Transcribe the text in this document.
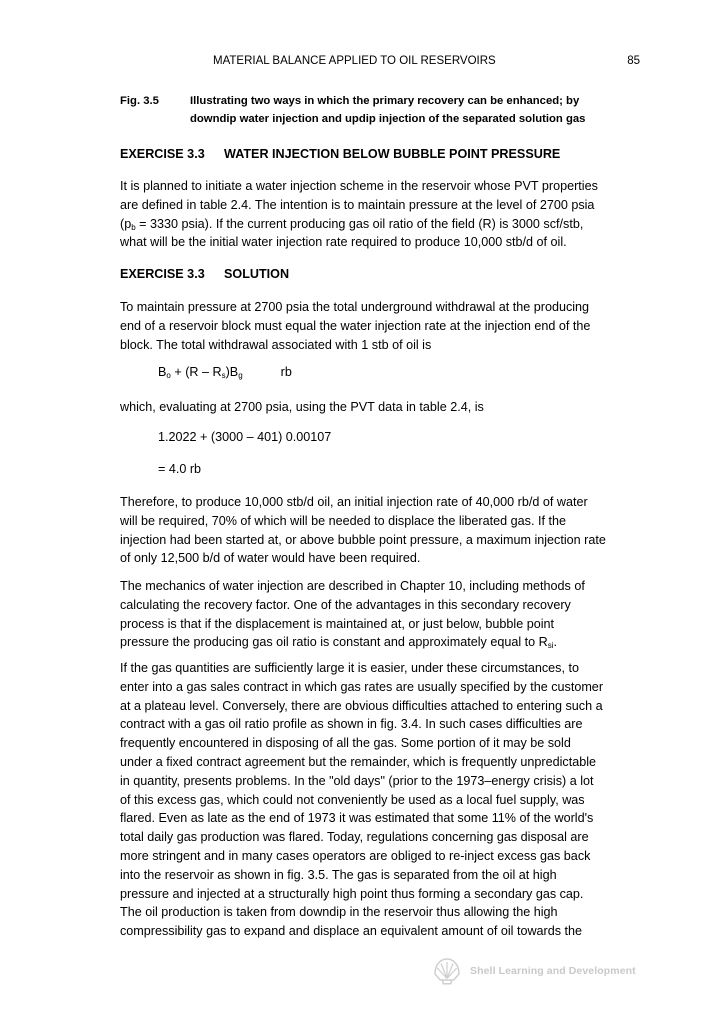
MATERIAL BALANCE APPLIED TO OIL RESERVOIRS	85
Fig. 3.5	Illustrating two ways in which the primary recovery can be enhanced; by
downdip water injection and updip injection of the separated solution gas
EXERCISE 3.3 WATER INJECTION BELOW BUBBLE POINT PRESSURE
It is planned to initiate a water injection scheme in the reservoir whose PVT properties
are defined in table 2.4. The intention is to maintain pressure at the level of 2700 psia
($p_b = 3330$ psia). If the current producing gas oil ratio of the field (R) is 3000 scf/stb,
what will be the initial water injection rate required to produce 10,000 stb/d of oil.
EXERCISE 3.3 SOLUTION
To maintain pressure at 2700 psia the total underground withdrawal at the producing
end of a reservoir block must equal the water injection rate at the injection end of the
block. The total withdrawal associated with 1 stb of oil is
$B_o + (R - R_s)B_g$	rb
which, evaluating at 2700 psia, using the PVT data in table 2.4, is
1.2022 + (3000 – 401) 0.00107
= 4.0 rb
Therefore, to produce 10,000 stb/d oil, an initial injection rate of 40,000 rb/d of water
will be required, 70% of which will be needed to displace the liberated gas. If the
injection had been started at, or above bubble point pressure, a maximum injection rate
of only 12,500 b/d of water would have been required.
The mechanics of water injection are described in Chapter 10, including methods of
calculating the recovery factor. One of the advantages in this secondary recovery
process is that if the displacement is maintained at, or just below, bubble point
pressure the producing gas oil ratio is constant and approximately equal to $R_{si}$.
If the gas quantities are sufficiently large it is easier, under these circumstances, to
enter into a gas sales contract in which gas rates are usually specified by the customer
at a plateau level. Conversely, there are obvious difficulties attached to entering such a
contract with a gas oil ratio profile as shown in fig. 3.4. In such cases difficulties are
frequently encountered in disposing of all the gas. Some portion of it may be sold
under a fixed contract agreement but the remainder, which is frequently unpredictable
in quantity, presents problems. In the "old days" (prior to the 1973–energy crisis) a lot
of this excess gas, which could not conveniently be used as a local fuel supply, was
flared. Even as late as the end of 1973 it was estimated that some 11% of the world's
total daily gas production was flared. Today, regulations concerning gas disposal are
more stringent and in many cases operators are obliged to re-inject excess gas back
into the reservoir as shown in fig. 3.5. The gas is separated from the oil at high
pressure and injected at a structurally high point thus forming a secondary gas cap.
The oil production is taken from downdip in the reservoir thus allowing the high
compressibility gas to expand and displace an equivalent amount of oil towards the
Shell Learning and Development
